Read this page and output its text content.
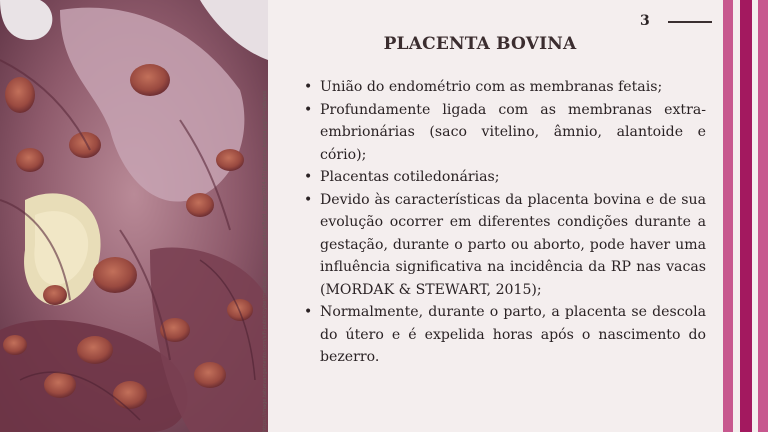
https://image.tatuevangamento.com/sifi-public/cyber/medstat_vet/public-gandera/field_image/2014-07/placenta_bovina.jpg?it=ctdvwss
3
PLACENTA BOVINA
• União do endométrio com as membranas fetais;
• Profundamente ligada com as membranas extra-embrionárias (saco vitelino, âmnio, alantoide e cório);
• Placentas cotiledonárias;
• Devido às características da placenta bovina e de sua evolução ocorrer em diferentes condições durante a gestação, durante o parto ou aborto, pode haver uma influência significativa na incidência da RP nas vacas (MORDAK & STEWART, 2015);
• Normalmente, durante o parto, a placenta se descola do útero e é expelida horas após o nascimento do bezerro.
